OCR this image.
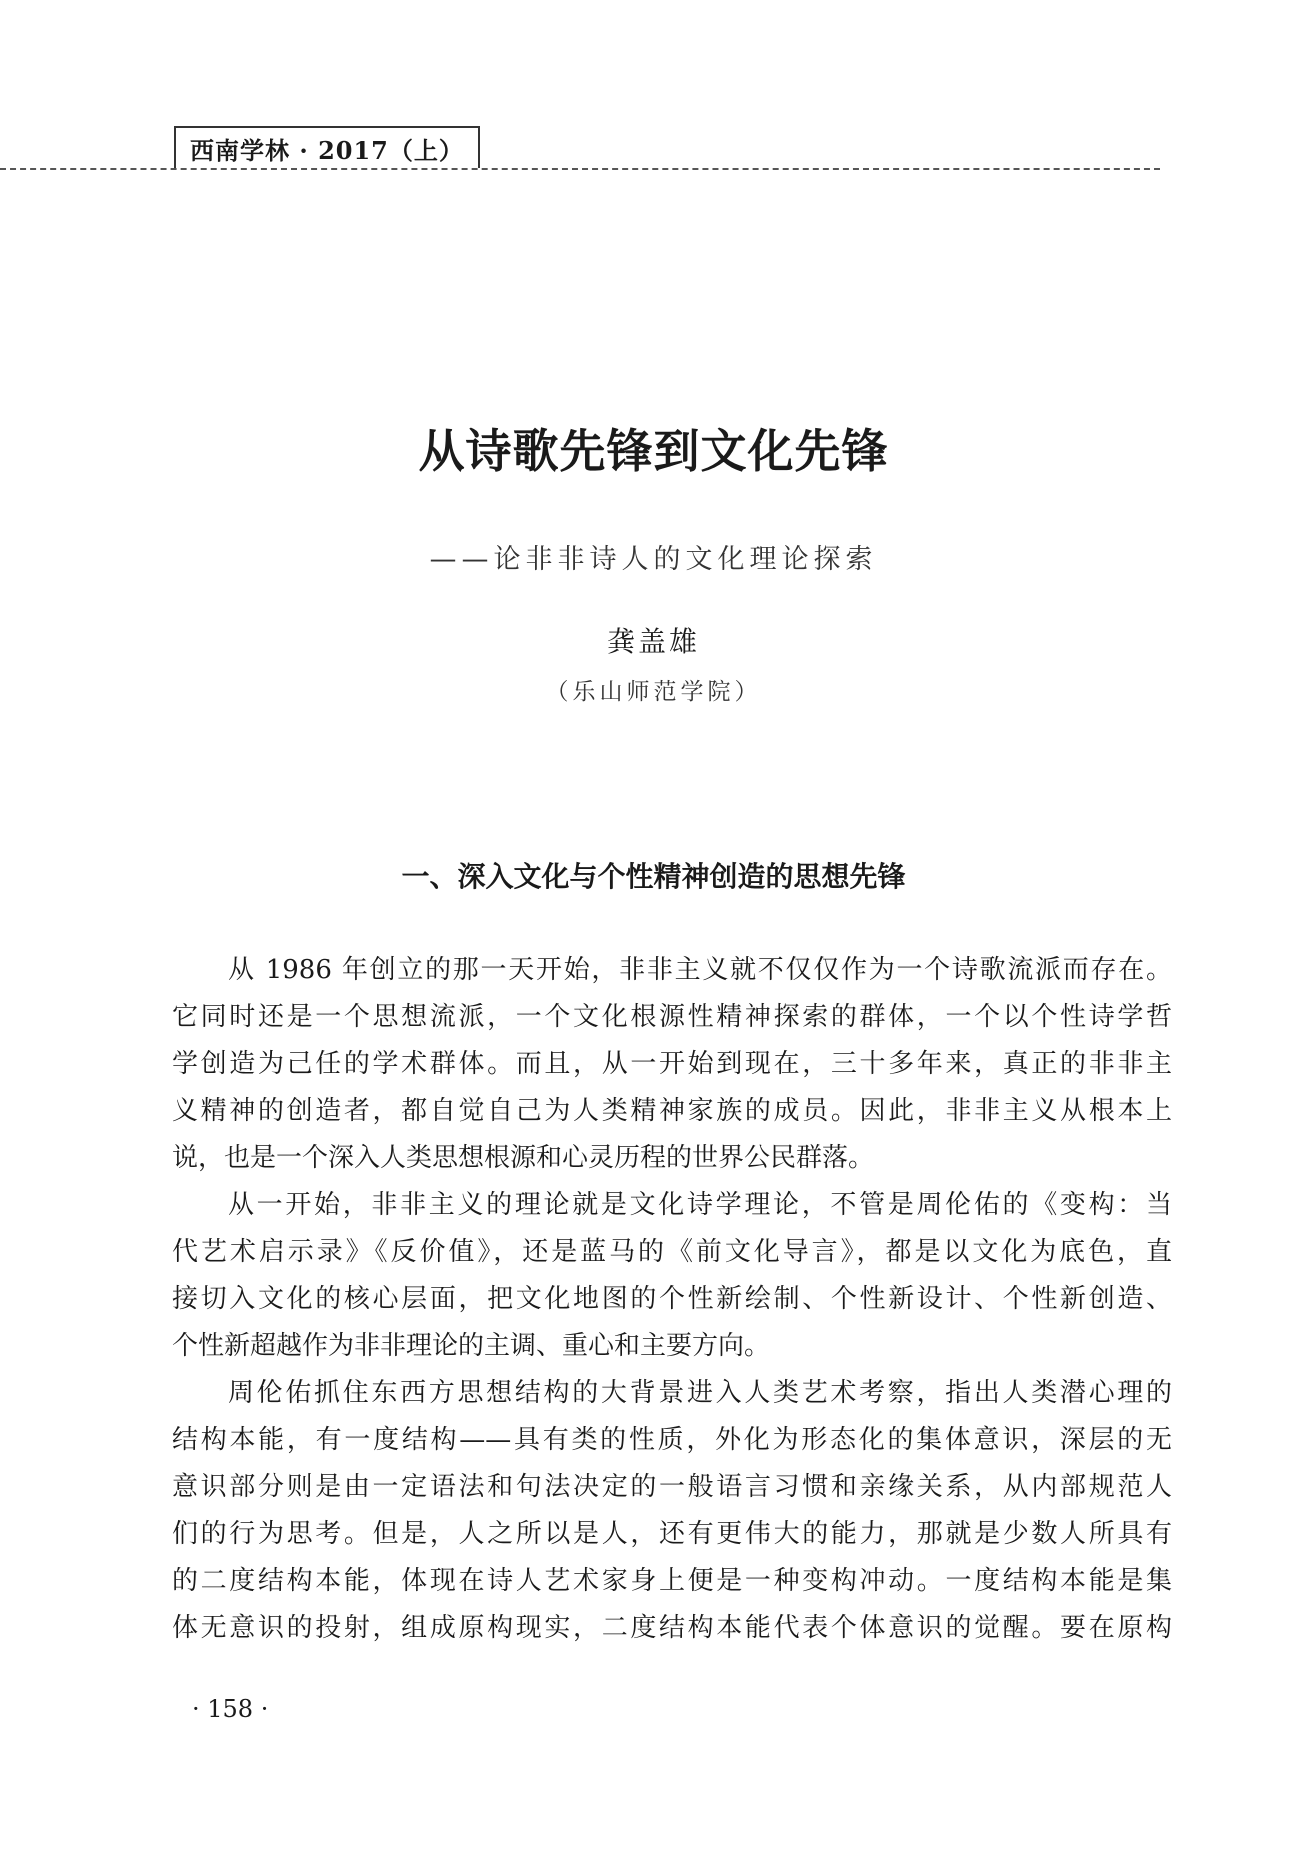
西南学林 · 2017（上）
从诗歌先锋到文化先锋
——论非非诗人的文化理论探索
龚盖雄
（乐山师范学院）
一、深入文化与个性精神创造的思想先锋
从 1986 年创立的那一天开始，非非主义就不仅仅作为一个诗歌流派而存在。
它同时还是一个思想流派，一个文化根源性精神探索的群体，一个以个性诗学哲
学创造为己任的学术群体。而且，从一开始到现在，三十多年来，真正的非非主
义精神的创造者，都自觉自己为人类精神家族的成员。因此，非非主义从根本上
说，也是一个深入人类思想根源和心灵历程的世界公民群落。
从一开始，非非主义的理论就是文化诗学理论，不管是周伦佑的《变构：当
代艺术启示录》《反价值》，还是蓝马的《前文化导言》，都是以文化为底色，直
接切入文化的核心层面，把文化地图的个性新绘制、个性新设计、个性新创造、
个性新超越作为非非理论的主调、重心和主要方向。
周伦佑抓住东西方思想结构的大背景进入人类艺术考察，指出人类潜心理的
结构本能，有一度结构——具有类的性质，外化为形态化的集体意识，深层的无
意识部分则是由一定语法和句法决定的一般语言习惯和亲缘关系，从内部规范人
们的行为思考。但是，人之所以是人，还有更伟大的能力，那就是少数人所具有
的二度结构本能，体现在诗人艺术家身上便是一种变构冲动。一度结构本能是集
体无意识的投射，组成原构现实，二度结构本能代表个体意识的觉醒。要在原构
· 158 ·
